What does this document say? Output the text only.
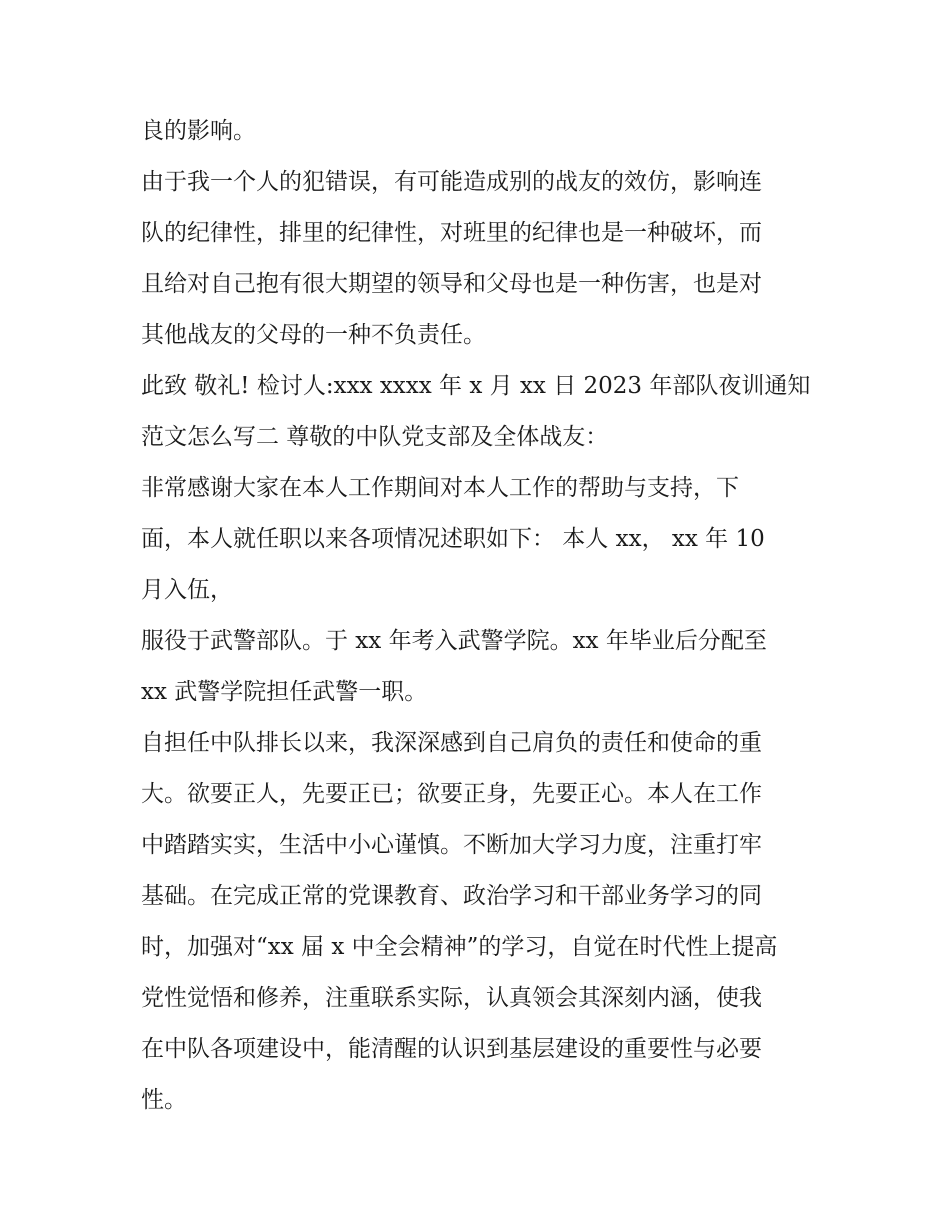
良的影响。
由于我一个人的犯错误，有可能造成别的战友的效仿，影响连
队的纪律性，排里的纪律性，对班里的纪律也是一种破坏，而
且给对自己抱有很大期望的领导和父母也是一种伤害，也是对
其他战友的父母的一种不负责任。
此致 敬礼! 检讨人:xxx xxxx 年 x 月 xx 日 2023 年部队夜训通知
范文怎么写二 尊敬的中队党支部及全体战友：
非常感谢大家在本人工作期间对本人工作的帮助与支持，下
面，本人就任职以来各项情况述职如下： 本人 xx， xx 年 10
月入伍，
服役于武警部队。于 xx 年考入武警学院。xx 年毕业后分配至
xx 武警学院担任武警一职。
自担任中队排长以来，我深深感到自己肩负的责任和使命的重
大。欲要正人，先要正已；欲要正身，先要正心。本人在工作
中踏踏实实，生活中小心谨慎。不断加大学习力度，注重打牢
基础。在完成正常的党课教育、政治学习和干部业务学习的同
时，加强对“xx 届 x 中全会精神”的学习，自觉在时代性上提高
党性觉悟和修养，注重联系实际，认真领会其深刻内涵，使我
在中队各项建设中，能清醒的认识到基层建设的重要性与必要
性。
